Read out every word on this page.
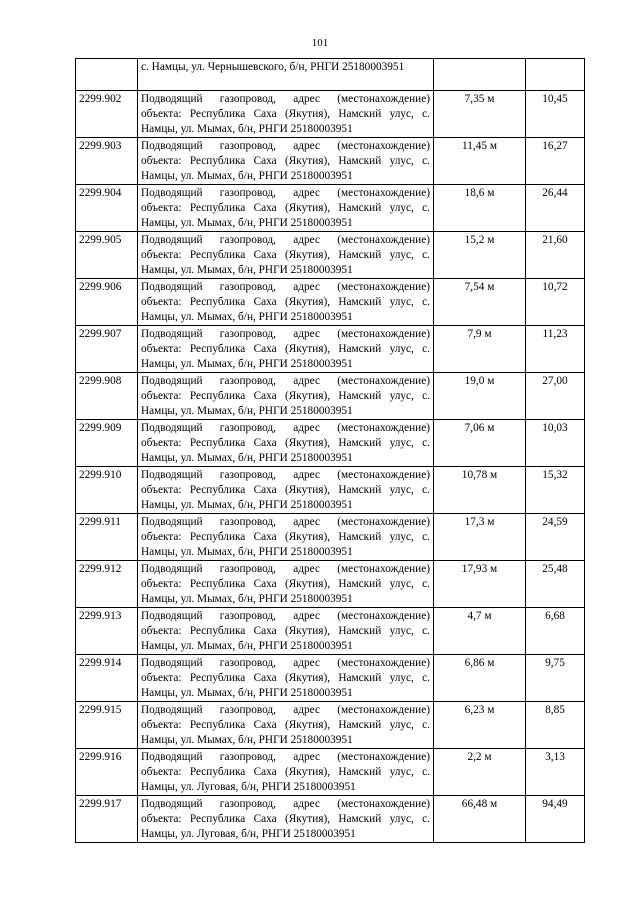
101
	с. Намцы, ул. Чернышевского, б/н, РНГИ 25180003951		
2299.902	Подводящий газопровод, адрес (местонахождение) объекта: Республика Саха (Якутия), Намский улус, с. Намцы, ул. Мымах, б/н, РНГИ 25180003951	7,35 м	10,45
2299.903	Подводящий газопровод, адрес (местонахождение) объекта: Республика Саха (Якутия), Намский улус, с. Намцы, ул. Мымах, б/н, РНГИ 25180003951	11,45 м	16,27
2299.904	Подводящий газопровод, адрес (местонахождение) объекта: Республика Саха (Якутия), Намский улус, с. Намцы, ул. Мымах, б/н, РНГИ 25180003951	18,6 м	26,44
2299.905	Подводящий газопровод, адрес (местонахождение) объекта: Республика Саха (Якутия), Намский улус, с. Намцы, ул. Мымах, б/н, РНГИ 25180003951	15,2 м	21,60
2299.906	Подводящий газопровод, адрес (местонахождение) объекта: Республика Саха (Якутия), Намский улус, с. Намцы, ул. Мымах, б/н, РНГИ 25180003951	7,54 м	10,72
2299.907	Подводящий газопровод, адрес (местонахождение) объекта: Республика Саха (Якутия), Намский улус, с. Намцы, ул. Мымах, б/н, РНГИ 25180003951	7,9 м	11,23
2299.908	Подводящий газопровод, адрес (местонахождение) объекта: Республика Саха (Якутия), Намский улус, с. Намцы, ул. Мымах, б/н, РНГИ 25180003951	19,0 м	27,00
2299.909	Подводящий газопровод, адрес (местонахождение) объекта: Республика Саха (Якутия), Намский улус, с. Намцы, ул. Мымах, б/н, РНГИ 25180003951	7,06 м	10,03
2299.910	Подводящий газопровод, адрес (местонахождение) объекта: Республика Саха (Якутия), Намский улус, с. Намцы, ул. Мымах, б/н, РНГИ 25180003951	10,78 м	15,32
2299.911	Подводящий газопровод, адрес (местонахождение) объекта: Республика Саха (Якутия), Намский улус, с. Намцы, ул. Мымах, б/н, РНГИ 25180003951	17,3 м	24,59
2299.912	Подводящий газопровод, адрес (местонахождение) объекта: Республика Саха (Якутия), Намский улус, с. Намцы, ул. Мымах, б/н, РНГИ 25180003951	17,93 м	25,48
2299.913	Подводящий газопровод, адрес (местонахождение) объекта: Республика Саха (Якутия), Намский улус, с. Намцы, ул. Мымах, б/н, РНГИ 25180003951	4,7 м	6,68
2299.914	Подводящий газопровод, адрес (местонахождение) объекта: Республика Саха (Якутия), Намский улус, с. Намцы, ул. Мымах, б/н, РНГИ 25180003951	6,86 м	9,75
2299.915	Подводящий газопровод, адрес (местонахождение) объекта: Республика Саха (Якутия), Намский улус, с. Намцы, ул. Мымах, б/н, РНГИ 25180003951	6,23 м	8,85
2299.916	Подводящий газопровод, адрес (местонахождение) объекта: Республика Саха (Якутия), Намский улус, с. Намцы, ул. Луговая, б/н, РНГИ 25180003951	2,2 м	3,13
2299.917	Подводящий газопровод, адрес (местонахождение) объекта: Республика Саха (Якутия), Намский улус, с. Намцы, ул. Луговая, б/н, РНГИ 25180003951	66,48 м	94,49
